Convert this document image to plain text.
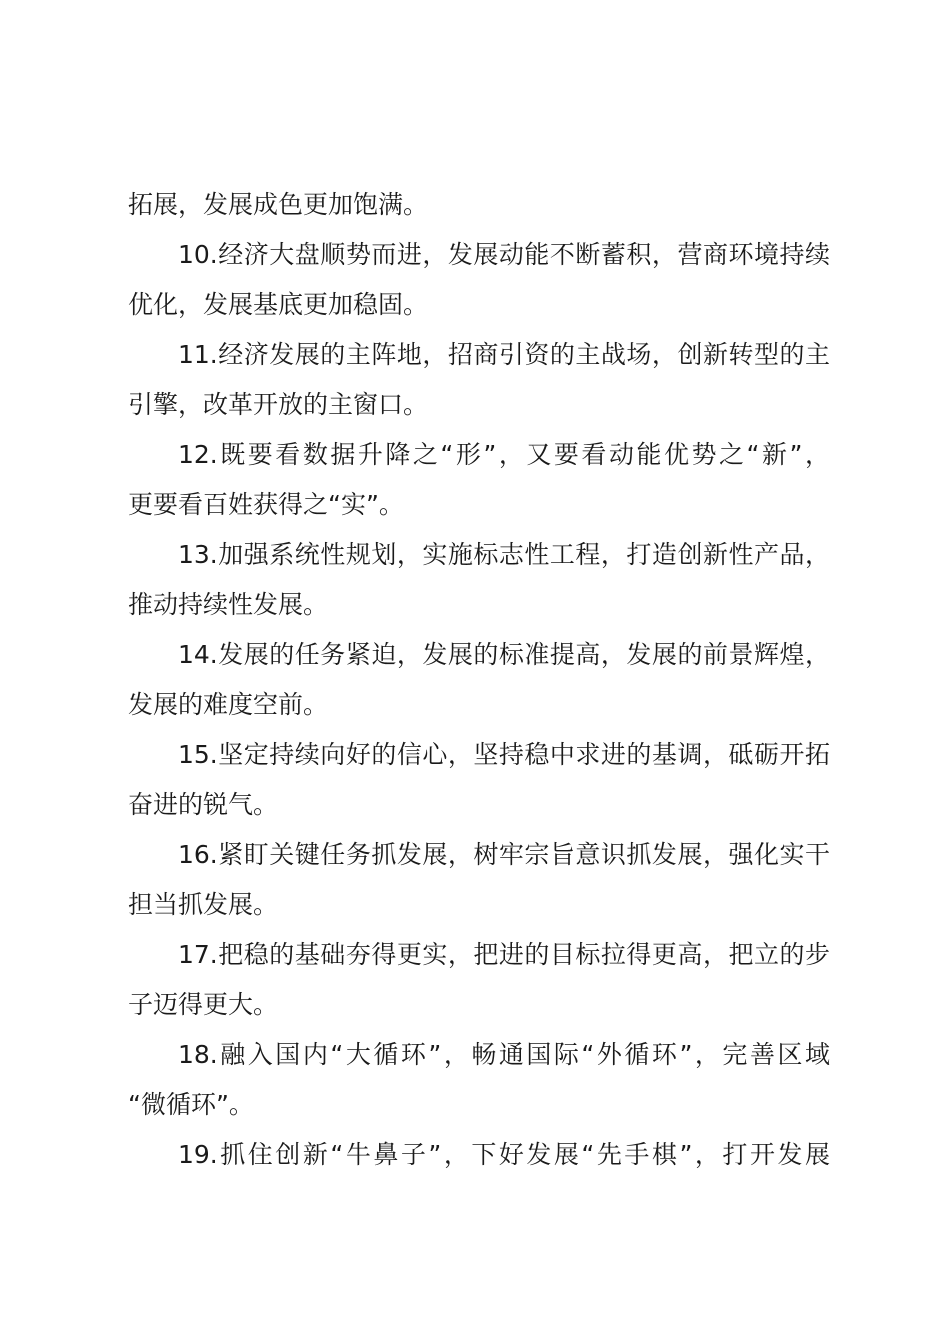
拓展，发展成色更加饱满。
10.经济大盘顺势而进，发展动能不断蓄积，营商环境持续
优化，发展基底更加稳固。
11.经济发展的主阵地，招商引资的主战场，创新转型的主
引擎，改革开放的主窗口。
12.既要看数据升降之“形”，又要看动能优势之“新”，
更要看百姓获得之“实”。
13.加强系统性规划，实施标志性工程，打造创新性产品，
推动持续性发展。
14.发展的任务紧迫，发展的标准提高，发展的前景辉煌，
发展的难度空前。
15.坚定持续向好的信心，坚持稳中求进的基调，砥砺开拓
奋进的锐气。
16.紧盯关键任务抓发展，树牢宗旨意识抓发展，强化实干
担当抓发展。
17.把稳的基础夯得更实，把进的目标拉得更高，把立的步
子迈得更大。
18.融入国内“大循环”，畅通国际“外循环”，完善区域
“微循环”。
19.抓住创新“牛鼻子”，下好发展“先手棋”，打开发展
